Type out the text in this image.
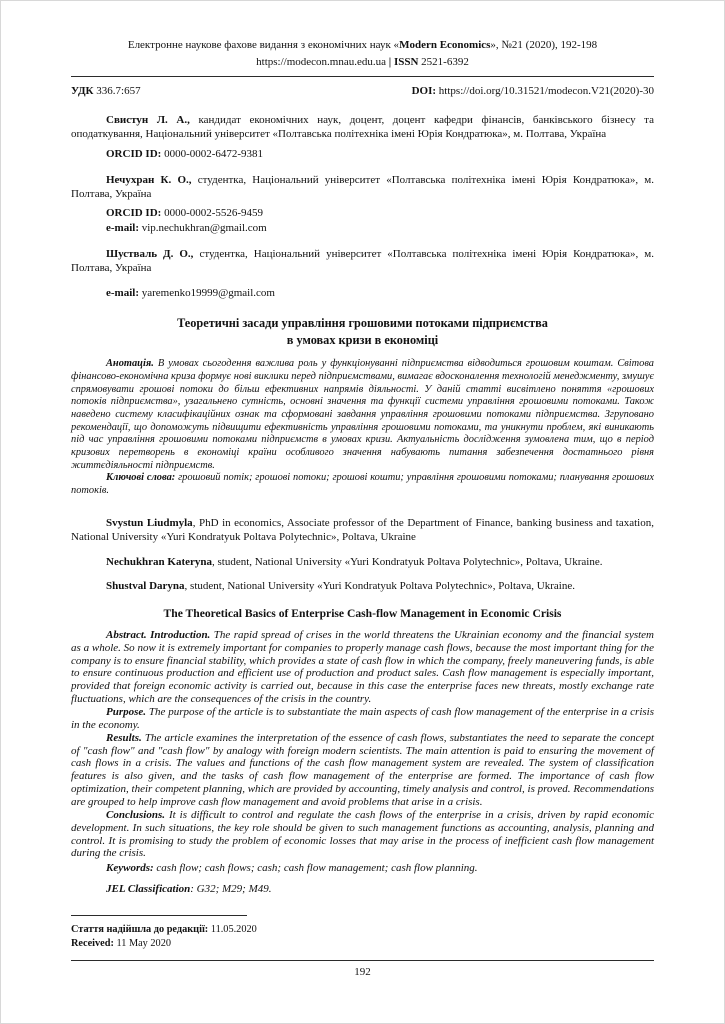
Електронне наукове фахове видання з економічних наук «Modern Economics», №21 (2020), 192-198
https://modecon.mnau.edu.ua | ISSN 2521-6392
УДК 336.7:657	DOI: https://doi.org/10.31521/modecon.V21(2020)-30

Свистун Л. А., кандидат економічних наук, доцент, доцент кафедри фінансів, банківського бізнесу та оподаткування, Національний університет «Полтавська політехніка імені Юрія Кондратюка», м. Полтава, Україна

ORCID ID: 0000-0002-6472-9381

Нечухран К. О., студентка, Національний університет «Полтавська політехніка імені Юрія Кондратюка», м. Полтава, Україна

ORCID ID: 0000-0002-5526-9459

e-mail: vip.nechukhran@gmail.com

Шустваль Д. О., студентка, Національний університет «Полтавська політехніка імені Юрія Кондратюка», м. Полтава, Україна

e-mail: yaremenko19999@gmail.com

Теоретичні засади управління грошовими потоками підприємства
в умовах кризи в економіці

Анотація. В умовах сьогодення важлива роль у функціонуванні підприємства відводиться грошовим коштам. Світова фінансово-економічна криза формує нові виклики перед підприємствами, вимагає вдосконалення технологій менеджменту, змушує спрямовувати грошові потоки до більш ефективних напрямів діяльності. У даній статті висвітлено поняття «грошових потоків підприємства», узагальнено сутність, основні значення та функції системи управління грошовими потоками. Також наведено систему класифікаційних ознак та сформовані завдання управління грошовими потоками підприємства. Згруповано рекомендації, що допоможуть підвищити ефективність управління грошовими потоками, та уникнути проблем, які виникають під час управління грошовими потоками підприємств в умовах кризи. Актуальність дослідження зумовлена тим, що в період кризових перетворень в економіці країни особливого значення набувають питання забезпечення достатнього рівня життєдіяльності підприємств.

Ключові слова: грошовий потік; грошові потоки; грошові кошти; управління грошовими потоками; планування грошових потоків.

Svystun Liudmyla, PhD in economics, Associate professor of the Department of Finance, banking business and taxation, National University «Yuri Kondratyuk Poltava Polytechnic», Poltava, Ukraine

Nechukhran Kateryna, student, National University «Yuri Kondratyuk Poltava Polytechnic», Poltava, Ukraine.

Shustval Daryna, student, National University «Yuri Kondratyuk Poltava Polytechnic», Poltava, Ukraine.

The Theoretical Basics of Enterprise Cash-flow Management in Economic Crisis

Abstract. Introduction. The rapid spread of crises in the world threatens the Ukrainian economy and the financial system as a whole. So now it is extremely important for companies to properly manage cash flows, because the most important thing for the company is to ensure financial stability, which provides a state of cash flow in which the company, freely maneuvering funds, is able to ensure continuous production and efficient use of production and product sales. Cash flow management is especially important, provided that foreign economic activity is carried out, because in this case the enterprise faces new threats, mostly exchange rate fluctuations, which are the consequences of the crisis in the country.

Purpose. The purpose of the article is to substantiate the main aspects of cash flow management of the enterprise in a crisis in the economy.

Results. The article examines the interpretation of the essence of cash flows, substantiates the need to separate the concept of "cash flow" and "cash flow" by analogy with foreign modern scientists. The main attention is paid to ensuring the movement of cash flows in a crisis. The values and functions of the cash flow management system are revealed. The system of classification features is also given, and the tasks of cash flow management of the enterprise are formed. The importance of cash flow optimization, their competent planning, which are provided by accounting, timely analysis and control, is proved. Recommendations are grouped to help improve cash flow management and avoid problems that arise in a crisis.

Conclusions. It is difficult to control and regulate the cash flows of the enterprise in a crisis, driven by rapid economic development. In such situations, the key role should be given to such management functions as accounting, analysis, planning and control. It is promising to study the problem of economic losses that may arise in the process of inefficient cash flow management during the crisis.

Keywords: cash flow; cash flows; cash; cash flow management; cash flow planning.

JEL Classification: G32; M29; M49.

Стаття надійшла до редакції: 11.05.2020
Received: 11 May 2020
192
